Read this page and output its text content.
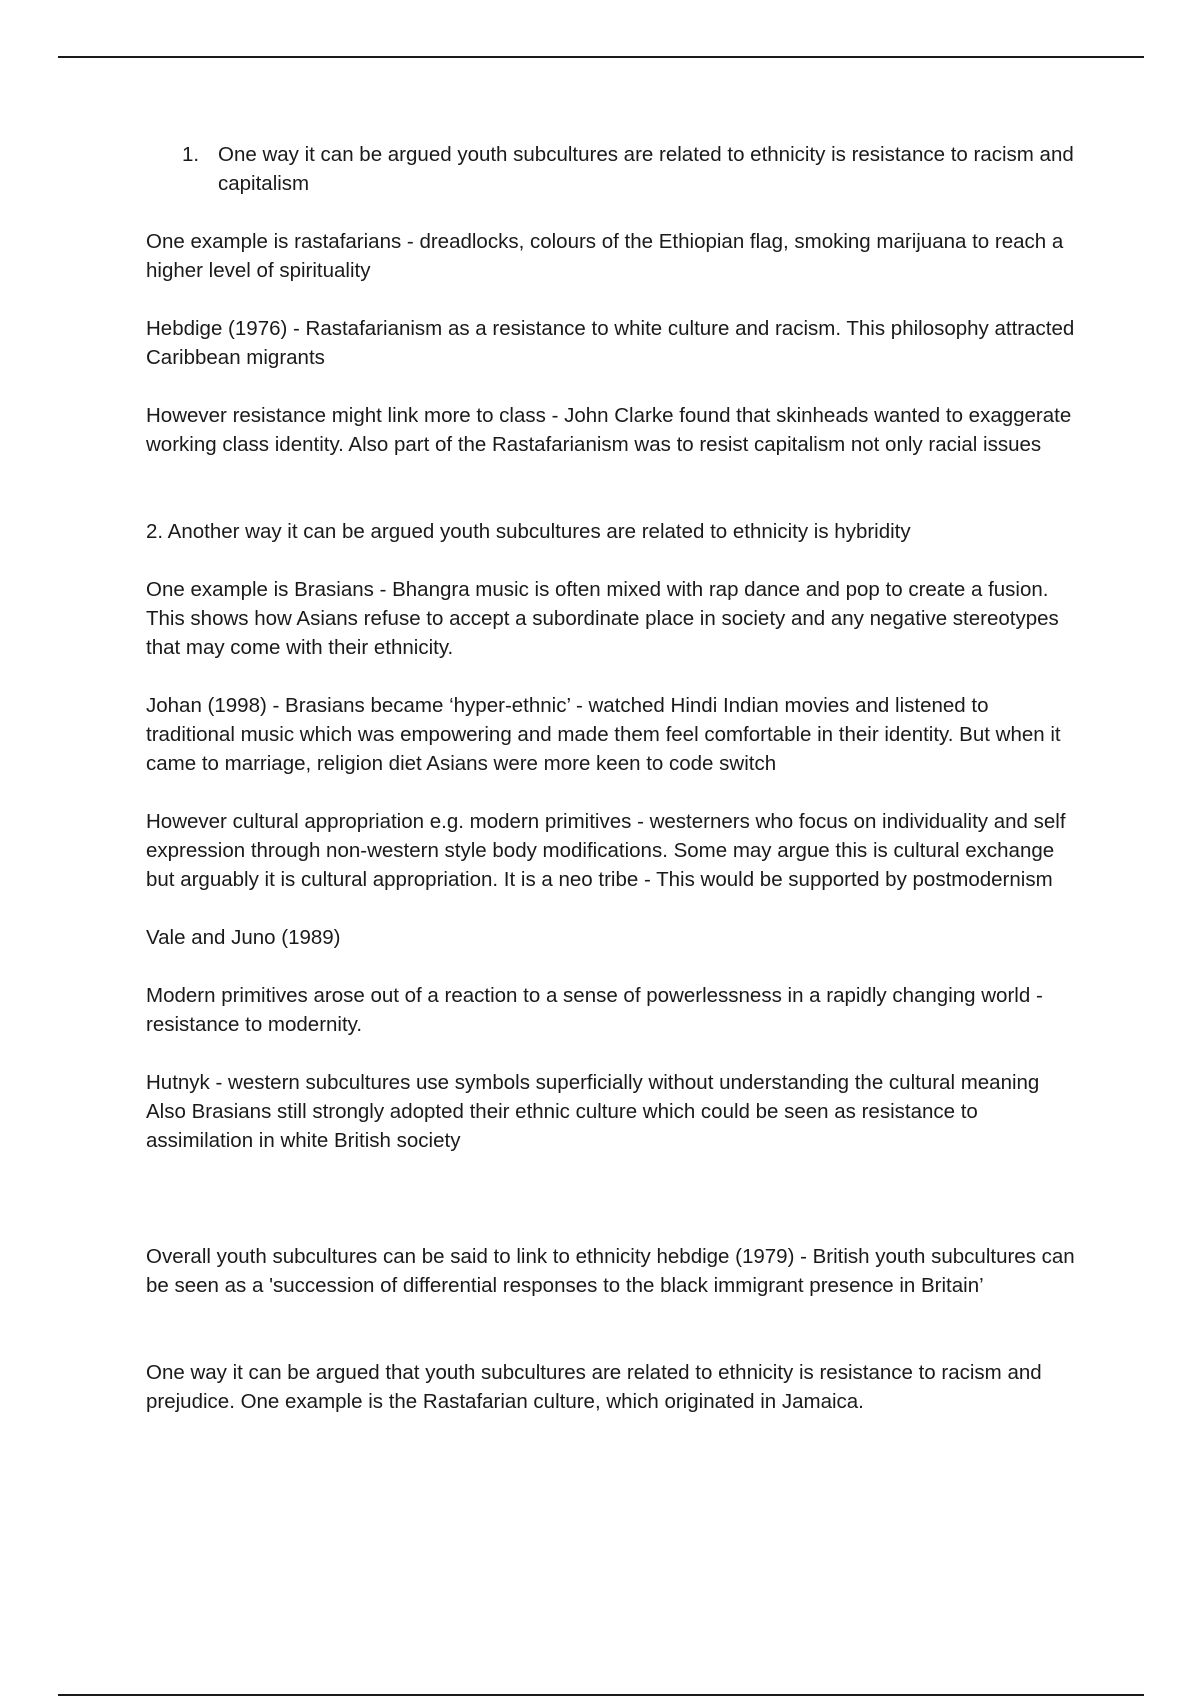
1. One way it can be argued youth subcultures are related to ethnicity is resistance to racism and capitalism

One example is rastafarians - dreadlocks, colours of the Ethiopian flag, smoking marijuana to reach a higher level of spirituality

Hebdige (1976) - Rastafarianism as a resistance to white culture and racism. This philosophy attracted Caribbean migrants

However resistance might link more to class - John Clarke found that skinheads wanted to exaggerate working class identity. Also part of the Rastafarianism was to resist capitalism not only racial issues

2. Another way it can be argued youth subcultures are related to ethnicity is hybridity

One example is Brasians - Bhangra music is often mixed with rap dance and pop to create a fusion. This shows how Asians refuse to accept a subordinate place in society and any negative stereotypes that may come with their ethnicity.

Johan (1998) - Brasians became ‘hyper-ethnic’ - watched Hindi Indian movies and listened to traditional music which was empowering and made them feel comfortable in their identity. But when it came to marriage, religion diet Asians were more keen to code switch

However cultural appropriation e.g. modern primitives - westerners who focus on individuality and self expression through non-western style body modifications. Some may argue this is cultural exchange but arguably it is cultural appropriation. It is a neo tribe - This would be supported by postmodernism

Vale and Juno (1989)

Modern primitives arose out of a reaction to a sense of powerlessness in a rapidly changing world - resistance to modernity.

Hutnyk - western subcultures use symbols superficially without understanding the cultural meaning

Also Brasians still strongly adopted their ethnic culture which could be seen as resistance to assimilation in white British society

Overall youth subcultures can be said to link to ethnicity hebdige (1979) - British youth subcultures can be seen as a 'succession of differential responses to the black immigrant presence in Britain’

One way it can be argued that youth subcultures are related to ethnicity is resistance to racism and prejudice. One example is the Rastafarian culture, which originated in Jamaica.
